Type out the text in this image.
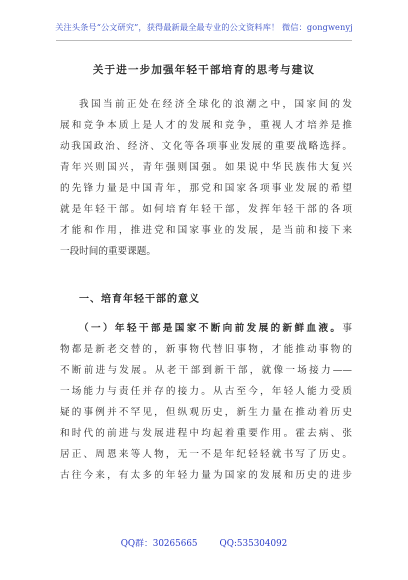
关注头条号“公文研究”，获得最新最全最专业的公文资料库！ 微信：gongwenyj
关于进一步加强年轻干部培育的思考与建议
我国当前正处在经济全球化的浪潮之中，国家间的发
展和竞争本质上是人才的发展和竞争，重视人才培养是推
动我国政治、经济、文化等各项事业发展的重要战略选择。
青年兴则国兴，青年强则国强。如果说中华民族伟大复兴
的先锋力量是中国青年，那党和国家各项事业发展的希望
就是年轻干部。如何培育年轻干部，发挥年轻干部的各项
才能和作用，推进党和国家事业的发展，是当前和接下来
一段时间的重要课题。
一、培育年轻干部的意义
（一）年轻干部是国家不断向前发展的新鲜血液。事
物都是新老交替的，新事物代替旧事物，才能推动事物的
不断前进与发展。从老干部到新干部，就像一场接力——
一场能力与责任并存的接力。从古至今，年轻人能力受质
疑的事例并不罕见，但纵观历史，新生力量在推动着历史
和时代的前进与发展进程中均起着重要作用。霍去病、张
居正、周恩来等人物，无一不是年纪轻轻就书写了历史。
古往今来，有太多的年轻力量为国家的发展和历史的进步
QQ群：30265665	QQ:535304092
